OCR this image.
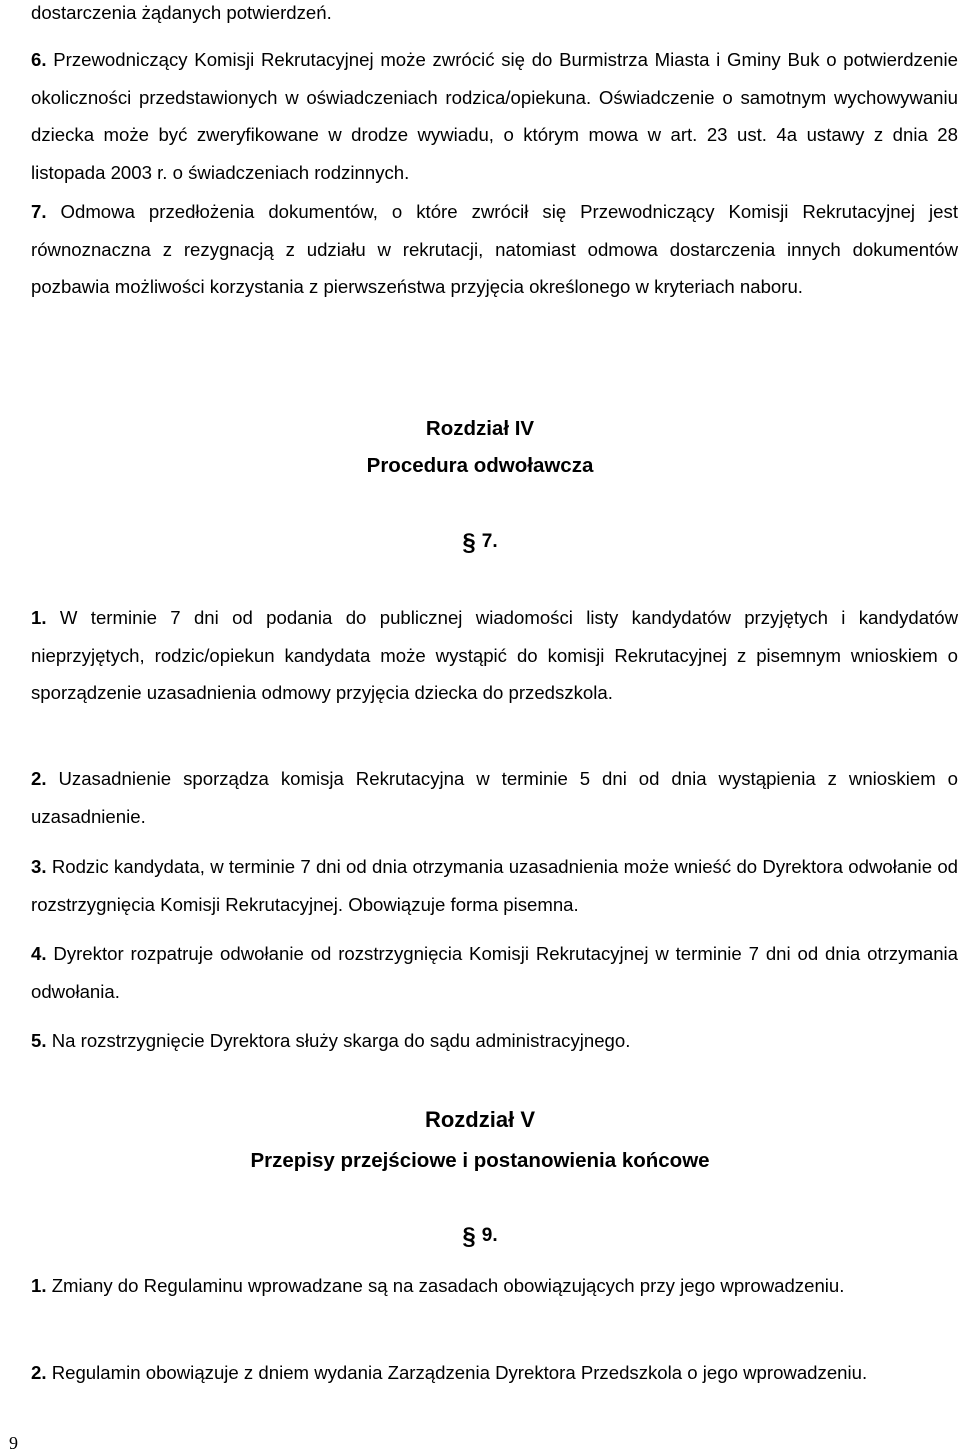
dostarczenia żądanych potwierdzeń.
6. Przewodniczący Komisji Rekrutacyjnej może zwrócić się do Burmistrza Miasta i Gminy Buk o potwierdzenie okoliczności przedstawionych w oświadczeniach rodzica/opiekuna. Oświadczenie o samotnym wychowywaniu dziecka może być zweryfikowane w drodze wywiadu, o którym mowa w art. 23 ust. 4a ustawy z dnia 28 listopada 2003 r. o świadczeniach rodzinnych.
7. Odmowa przedłożenia dokumentów, o które zwrócił się Przewodniczący Komisji Rekrutacyjnej jest równoznaczna z rezygnacją z udziału w rekrutacji, natomiast odmowa dostarczenia innych dokumentów pozbawia możliwości korzystania z pierwszeństwa przyjęcia określonego w kryteriach naboru.
Rozdział IV
Procedura odwoławcza
§ 7.
1. W terminie 7 dni od podania do publicznej wiadomości listy kandydatów przyjętych i kandydatów nieprzyjętych, rodzic/opiekun kandydata może wystąpić do komisji Rekrutacyjnej z pisemnym wnioskiem o sporządzenie uzasadnienia odmowy przyjęcia dziecka do przedszkola.
2. Uzasadnienie sporządza komisja Rekrutacyjna w terminie 5 dni od dnia wystąpienia z wnioskiem o uzasadnienie.
3. Rodzic kandydata, w terminie 7 dni od dnia otrzymania uzasadnienia może wnieść do Dyrektora odwołanie od rozstrzygnięcia Komisji Rekrutacyjnej. Obowiązuje forma pisemna.
4. Dyrektor rozpatruje odwołanie od rozstrzygnięcia Komisji Rekrutacyjnej w terminie 7 dni od dnia otrzymania odwołania.
5. Na rozstrzygnięcie Dyrektora służy skarga do sądu administracyjnego.
Rozdział V
Przepisy przejściowe i postanowienia końcowe
§ 9.
1. Zmiany do Regulaminu wprowadzane są na zasadach obowiązujących przy jego wprowadzeniu.
2. Regulamin obowiązuje z dniem wydania Zarządzenia Dyrektora Przedszkola o jego wprowadzeniu.
9
